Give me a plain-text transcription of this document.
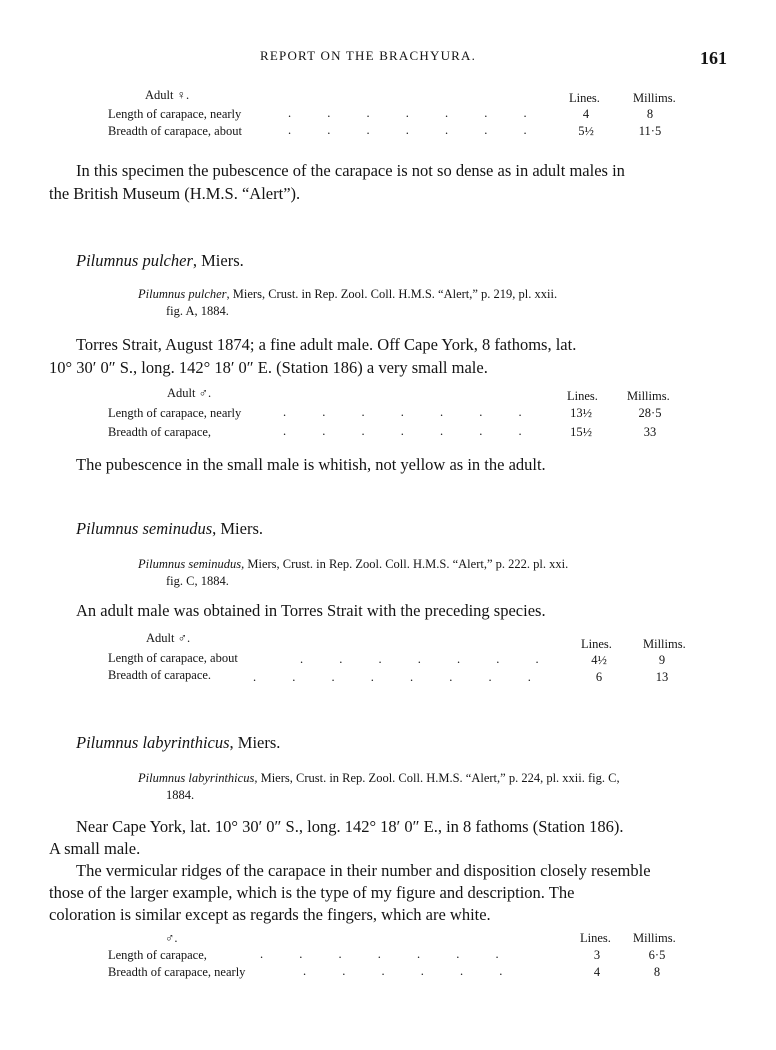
REPORT ON THE BRACHYURA.	161
Adult ♀.	Lines.	Millims.
Length of carapace, nearly	. . . . . . .	4	8
Breadth of carapace, about	. . . . . . .	5½	11·5
In this specimen the pubescence of the carapace is not so dense as in adult males in
the British Museum (H.M.S. “Alert”).
Pilumnus pulcher, Miers.
Pilumnus pulcher, Miers, Crust. in Rep. Zool. Coll. H.M.S. “Alert,” p. 219, pl. xxii.
fig. A, 1884.
Torres Strait, August 1874; a fine adult male. Off Cape York, 8 fathoms, lat.
10° 30′ 0″ S., long. 142° 18′ 0″ E. (Station 186) a very small male.
Adult ♂.	Lines. Millims.
Length of carapace, nearly	. . . . . . .	13½	28·5
Breadth of carapace,	. . . . . . .	15½	33
The pubescence in the small male is whitish, not yellow as in the adult.
Pilumnus seminudus, Miers.
Pilumnus seminudus, Miers, Crust. in Rep. Zool. Coll. H.M.S. “Alert,” p. 222. pl. xxi.
fig. C, 1884.
An adult male was obtained in Torres Strait with the preceding species.
Adult ♂.	Lines. Millims.
Length of carapace, about	. . . . . . .	4½	9
Breadth of carapace.	. . . . . . . .	6	13
Pilumnus labyrinthicus, Miers.
Pilumnus labyrinthicus, Miers, Crust. in Rep. Zool. Coll. H.M.S. “Alert,” p. 224, pl. xxii. fig. C,
1884.
Near Cape York, lat. 10° 30′ 0″ S., long. 142° 18′ 0″ E., in 8 fathoms (Station 186).
A small male.
The vermicular ridges of the carapace in their number and disposition closely resemble
those of the larger example, which is the type of my figure and description. The
coloration is similar except as regards the fingers, which are white.
♂.	Lines. Millims.
Length of carapace,	. . . . . . .	3	6·5
Breadth of carapace, nearly	. . . . . .	4	8
